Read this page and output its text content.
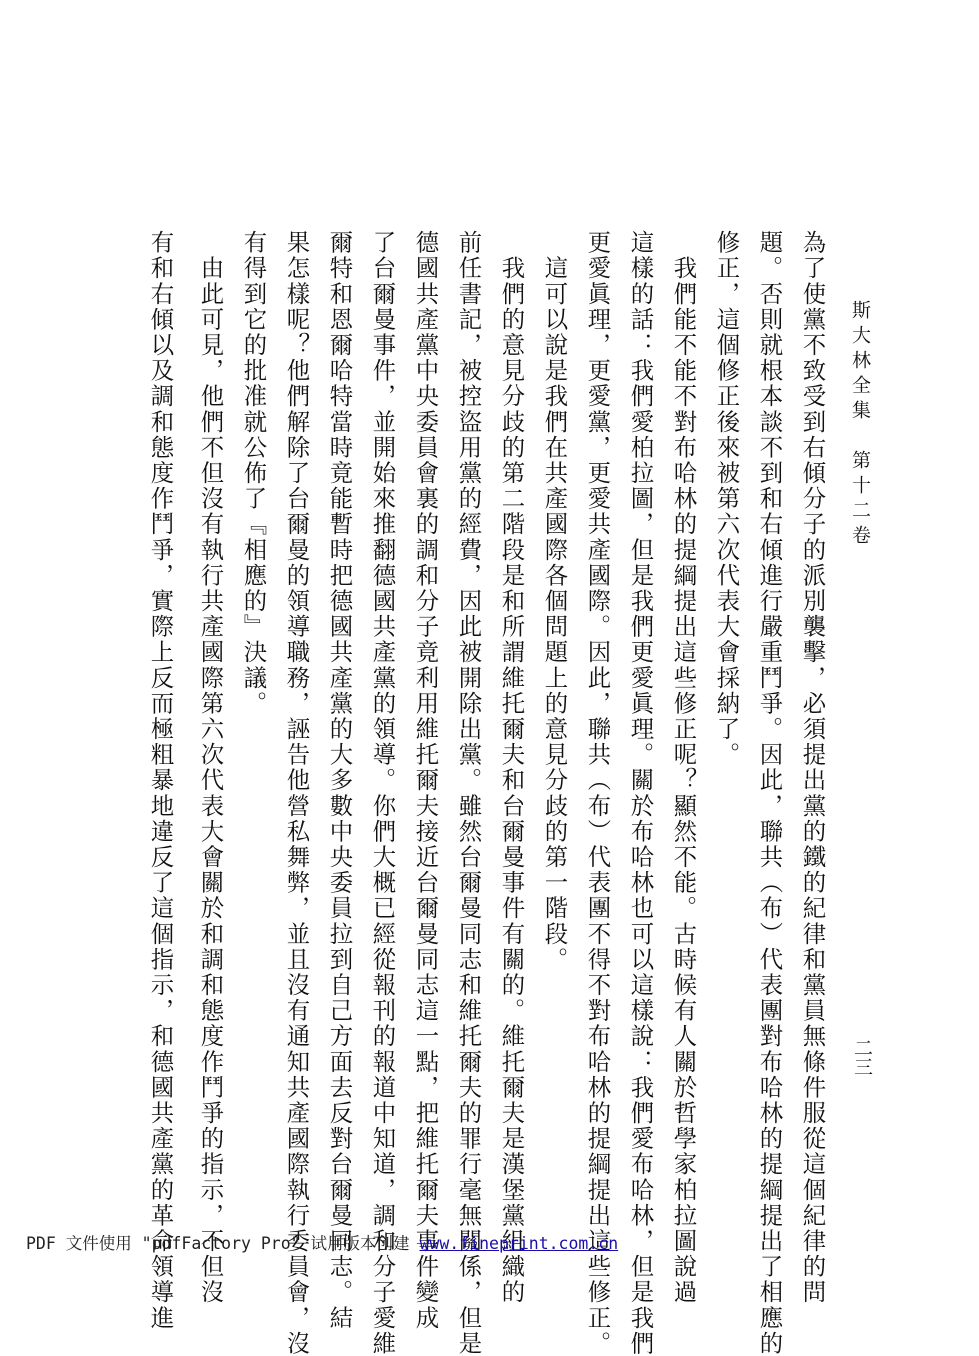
斯大林全集　第十二卷
二三
為了使黨不致受到右傾分子的派別襲擊，必須提出黨的鐵的紀律和黨員無條件服從這個紀律的問
題。否則就根本談不到和右傾進行嚴重鬥爭。因此，聯共（布）代表團對布哈林的提綱提出了相應的
修正，這個修正後來被第六次代表大會採納了。
　我們能不能不對布哈林的提綱提出這些修正呢？顯然不能。古時候有人關於哲學家柏拉圖說過
這樣的話：我們愛柏拉圖，但是我們更愛眞理。關於布哈林也可以這樣說：我們愛布哈林，但是我們
更愛眞理，更愛黨，更愛共產國際。因此，聯共（布）代表團不得不對布哈林的提綱提出這些修正。
　這可以說是我們在共產國際各個問題上的意見分歧的第一階段。
　我們的意見分歧的第二階段是和所謂維托爾夫和台爾曼事件有關的。維托爾夫是漢堡黨組織的
前任書記，被控盜用黨的經費，因此被開除出黨。雖然台爾曼同志和維托爾夫的罪行毫無關係，但是
德國共產黨中央委員會裏的調和分子竟利用維托爾夫接近台爾曼同志這一點，把維托爾夫事件變成
了台爾曼事件，並開始來推翻德國共產黨的領導。你們大概已經從報刊的報道中知道，調和分子愛維
爾特和恩爾哈特當時竟能暫時把德國共產黨的大多數中央委員拉到自己方面去反對台爾曼同志。結
果怎樣呢？他們解除了台爾曼的領導職務，誣告他營私舞弊，並且沒有通知共產國際執行委員會，沒
有得到它的批准就公佈了『相應的』決議。
　由此可見，他們不但沒有執行共產國際第六次代表大會關於和調和態度作鬥爭的指示，不但沒
有和右傾以及調和態度作鬥爭，實際上反而極粗暴地違反了這個指示，和德國共產黨的革命領導進
PDF 文件使用 "pdfFactory Pro" 试用版本创建 www.fineprint.com.cn
